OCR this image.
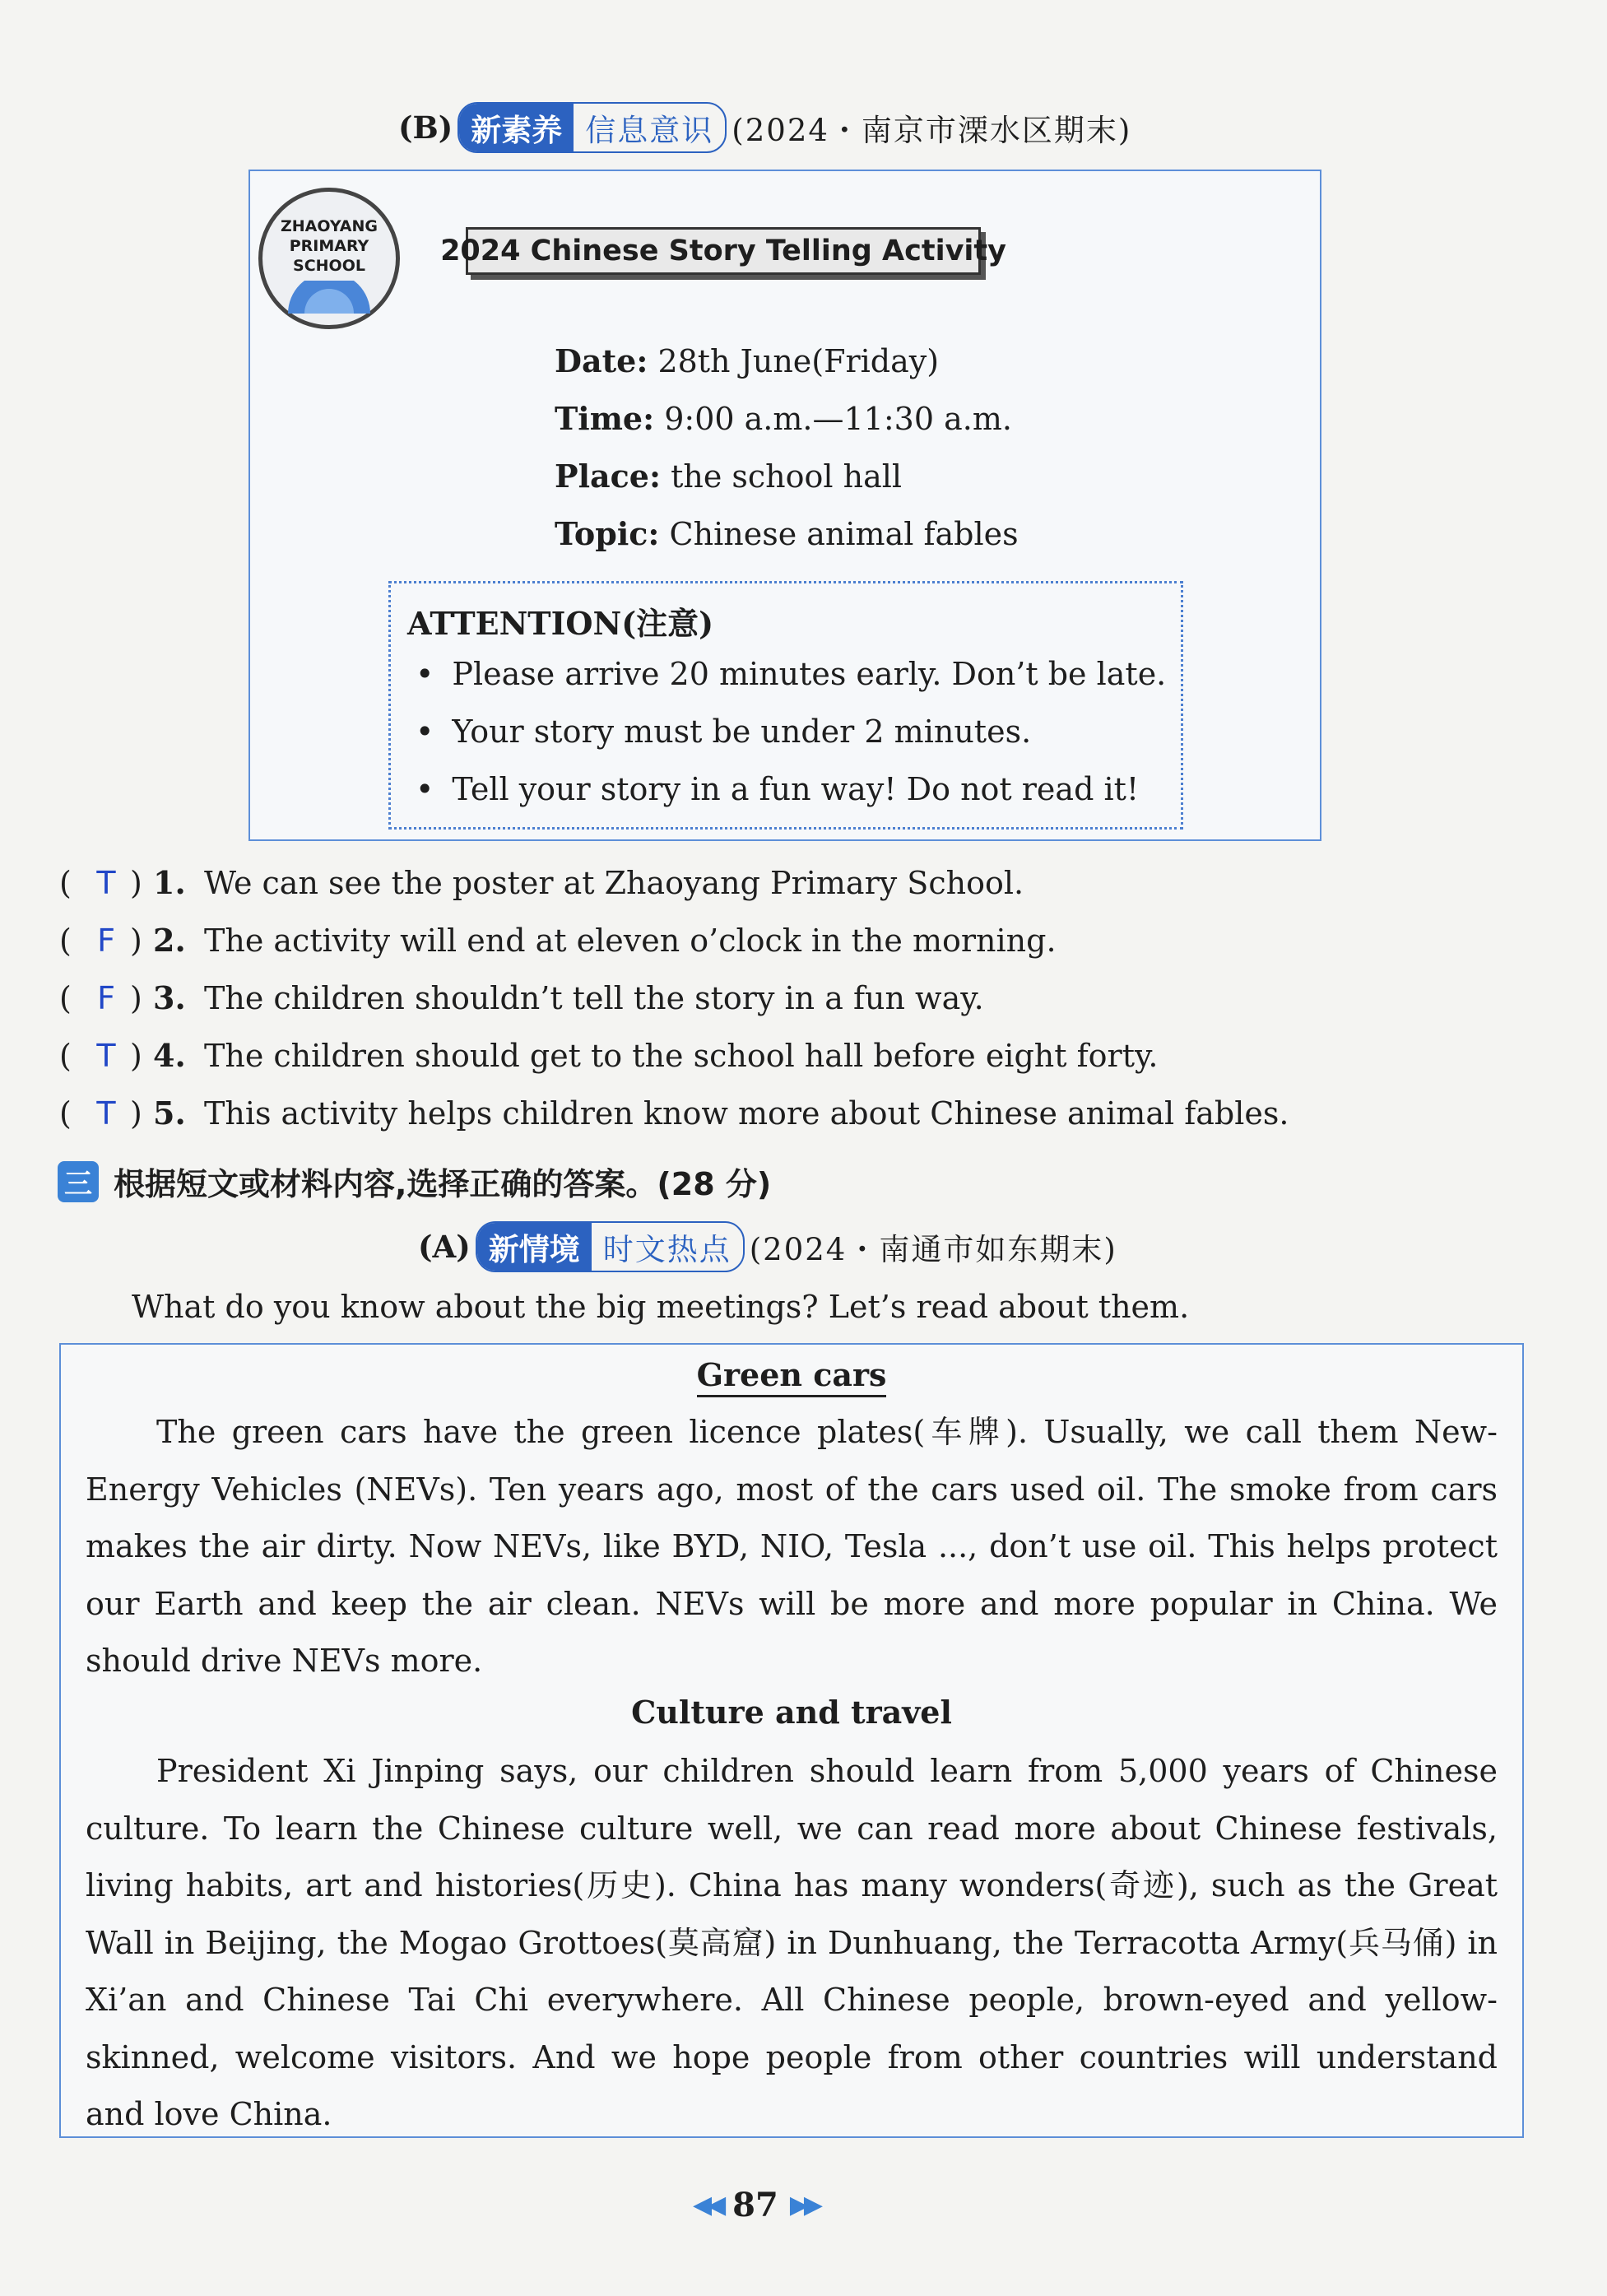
(B) 新素养 信息意识 (2024・南京市溧水区期末)
ZHAOYANG
PRIMARY
SCHOOL	2024 Chinese Story Telling Activity
Date: 28th June(Friday)
Time: 9:00 a.m.—11:30 a.m.
Place: the school hall
Topic: Chinese animal fables
ATTENTION(注意)
• Please arrive 20 minutes early. Don’t be late.
• Your story must be under 2 minutes.
• Tell your story in a fun way! Do not read it!
( T ) 1. We can see the poster at Zhaoyang Primary School.
( F ) 2. The activity will end at eleven o’clock in the morning.
( F ) 3. The children shouldn’t tell the story in a fun way.
( T ) 4. The children should get to the school hall before eight forty.
( T ) 5. This activity helps children know more about Chinese animal fables.
三 根据短文或材料内容,选择正确的答案。(28 分)
(A) 新情境 时文热点 (2024・南通市如东期末)
What do you know about the big meetings? Let’s read about them.
Green cars
The green cars have the green licence plates(车牌). Usually, we call them New-Energy Vehicles (NEVs). Ten years ago, most of the cars used oil. The smoke from cars makes the air dirty. Now NEVs, like BYD, NIO, Tesla ..., don’t use oil. This helps protect our Earth and keep the air clean. NEVs will be more and more popular in China. We should drive NEVs more.
Culture and travel
President Xi Jinping says, our children should learn from 5,000 years of Chinese culture. To learn the Chinese culture well, we can read more about Chinese festivals, living habits, art and histories(历史). China has many wonders(奇迹), such as the Great Wall in Beijing, the Mogao Grottoes(莫高窟) in Dunhuang, the Terracotta Army(兵马俑) in Xi’an and Chinese Tai Chi everywhere. All Chinese people, brown-eyed and yellow-skinned, welcome visitors. And we hope people from other countries will understand and love China.
◀◀ 87 ▶▶
